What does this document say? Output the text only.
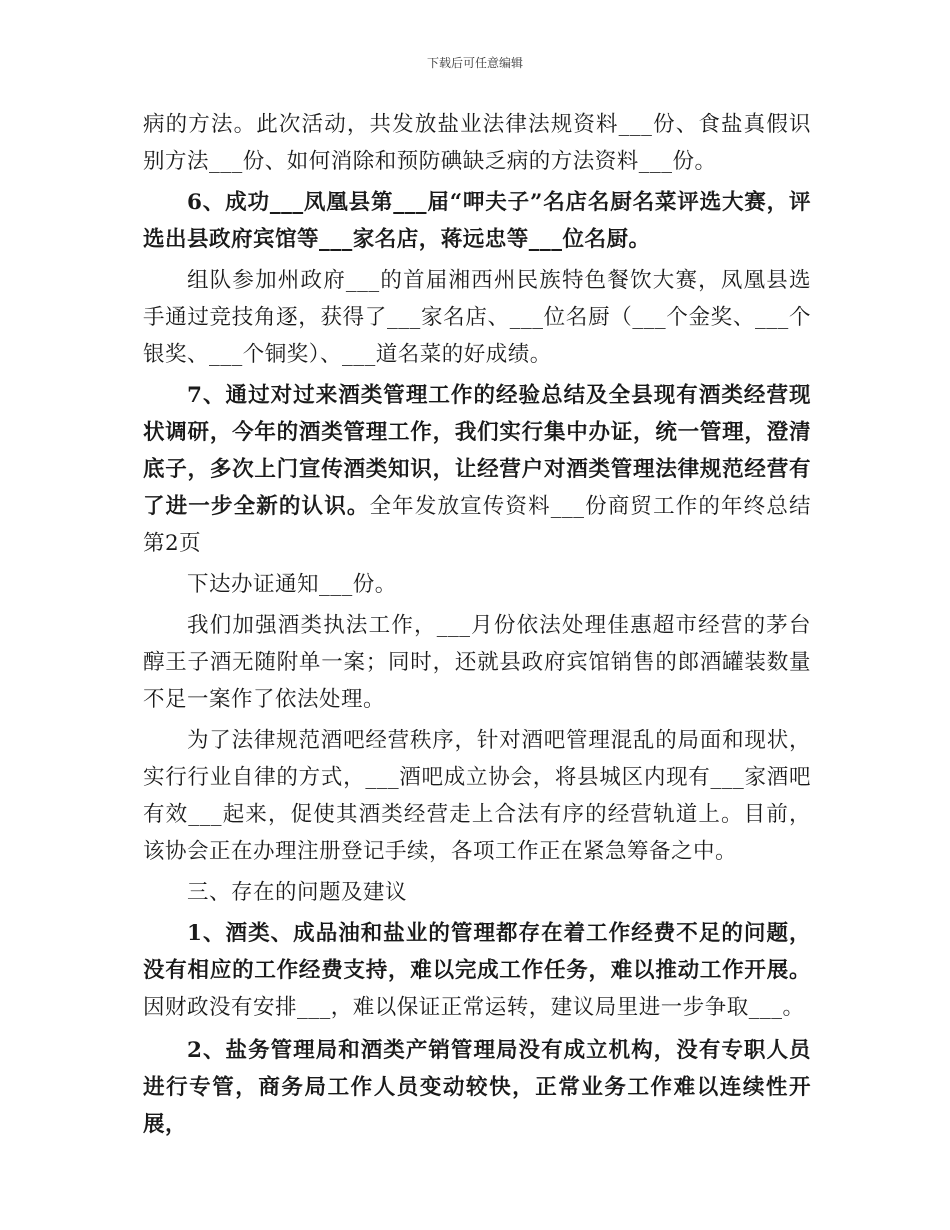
下载后可任意编辑

病的方法。此次活动，共发放盐业法律法规资料___份、食盐真假识别方法___份、如何消除和预防碘缺乏病的方法资料___份。

6、成功___凤凰县第___届“呷夫子”名店名厨名菜评选大赛，评选出县政府宾馆等___家名店，蒋远忠等___位名厨。

组队参加州政府___的首届湘西州民族特色餐饮大赛，凤凰县选手通过竞技角逐，获得了___家名店、___位名厨（___个金奖、___个银奖、___个铜奖）、___道名菜的好成绩。

7、通过对过来酒类管理工作的经验总结及全县现有酒类经营现状调研，今年的酒类管理工作，我们实行集中办证，统一管理，澄清底子，多次上门宣传酒类知识，让经营户对酒类管理法律规范经营有了进一步全新的认识。全年发放宣传资料___份商贸工作的年终总结第2页

下达办证通知___份。

我们加强酒类执法工作，___月份依法处理佳惠超市经营的茅台醇王子酒无随附单一案；同时，还就县政府宾馆销售的郎酒罐装数量不足一案作了依法处理。

为了法律规范酒吧经营秩序，针对酒吧管理混乱的局面和现状，实行行业自律的方式，___酒吧成立协会，将县城区内现有___家酒吧有效___起来，促使其酒类经营走上合法有序的经营轨道上。目前，该协会正在办理注册登记手续，各项工作正在紧急筹备之中。

三、存在的问题及建议

1、酒类、成品油和盐业的管理都存在着工作经费不足的问题，没有相应的工作经费支持，难以完成工作任务，难以推动工作开展。因财政没有安排___，难以保证正常运转，建议局里进一步争取___。

2、盐务管理局和酒类产销管理局没有成立机构，没有专职人员进行专管，商务局工作人员变动较快，正常业务工作难以连续性开展，
